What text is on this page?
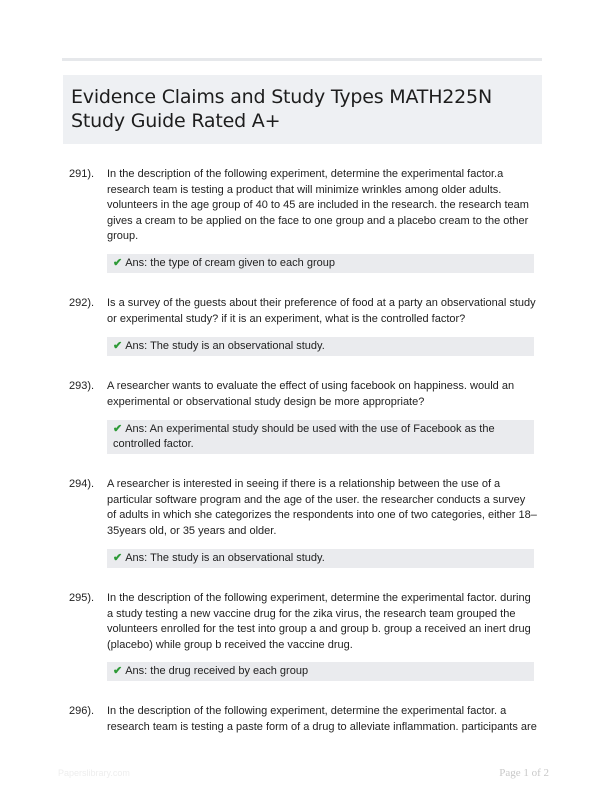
Evidence Claims and Study Types MATH225N Study Guide Rated A+
291). In the description of the following experiment, determine the experimental factor.a research team is testing a product that will minimize wrinkles among older adults. volunteers in the age group of 40 to 45 are included in the research. the research team gives a cream to be applied on the face to one group and a placebo cream to the other group.
✔ Ans: the type of cream given to each group
292). Is a survey of the guests about their preference of food at a party an observational study or experimental study? if it is an experiment, what is the controlled factor?
✔ Ans: The study is an observational study.
293). A researcher wants to evaluate the effect of using facebook on happiness. would an experimental or observational study design be more appropriate?
✔ Ans: An experimental study should be used with the use of Facebook as the controlled factor.
294). A researcher is interested in seeing if there is a relationship between the use of a particular software program and the age of the user. the researcher conducts a survey of adults in which she categorizes the respondents into one of two categories, either 18–35years old, or 35 years and older.
✔ Ans: The study is an observational study.
295). In the description of the following experiment, determine the experimental factor. during a study testing a new vaccine drug for the zika virus, the research team grouped the volunteers enrolled for the test into group a and group b. group a received an inert drug (placebo) while group b received the vaccine drug.
✔ Ans: the drug received by each group
296). In the description of the following experiment, determine the experimental factor. a research team is testing a paste form of a drug to alleviate inflammation. participants are
Paperslibrary.com	Page 1 of 2
